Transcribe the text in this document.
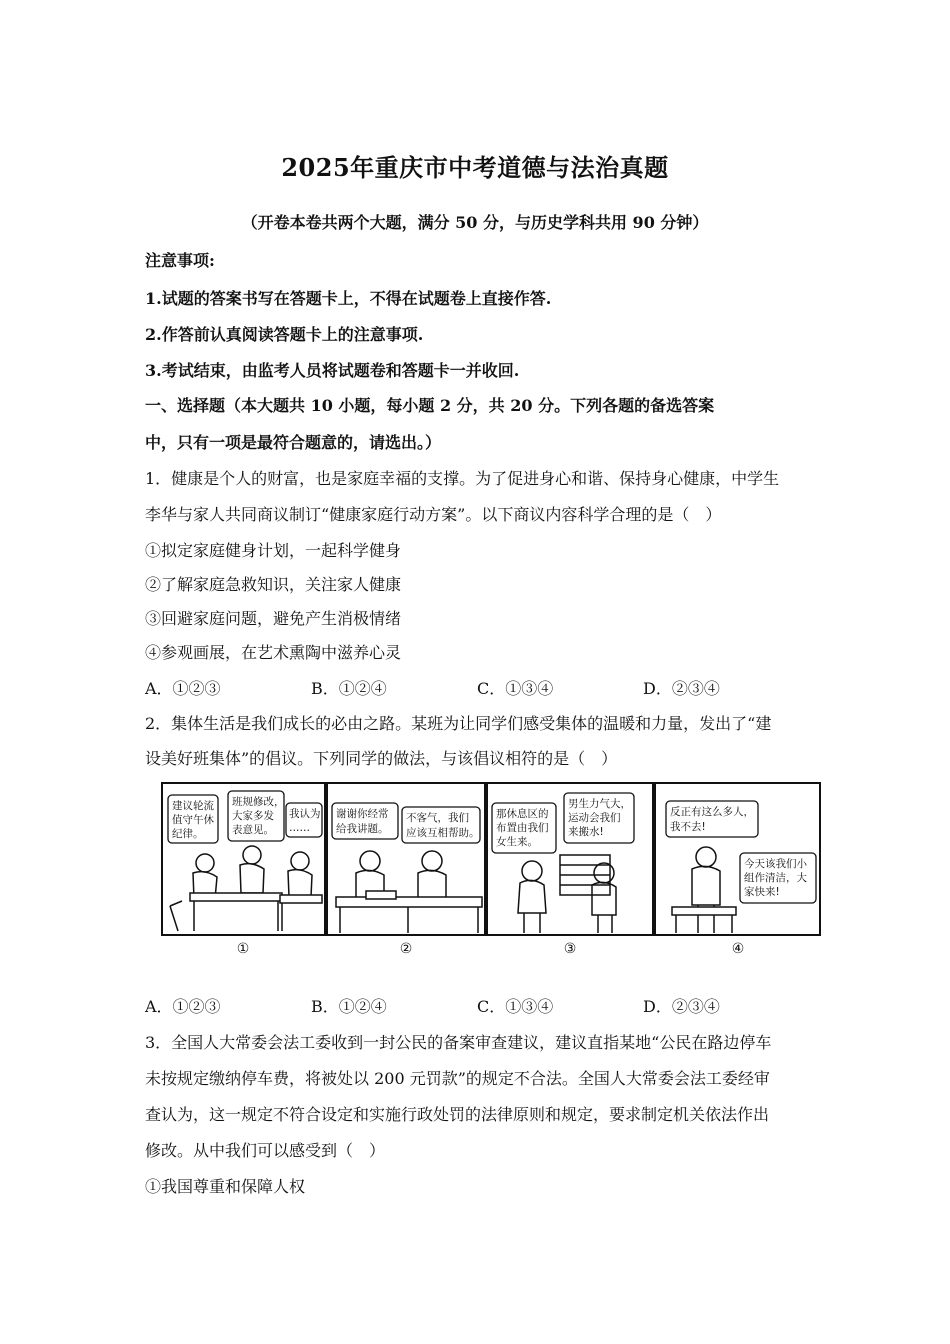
2025年重庆市中考道德与法治真题
（开卷本卷共两个大题，满分 50 分，与历史学科共用 90 分钟）
注意事项:
1.试题的答案书写在答题卡上，不得在试题卷上直接作答.
2.作答前认真阅读答题卡上的注意事项.
3.考试结束，由监考人员将试题卷和答题卡一并收回.
一、选择题（本大题共 10 小题，每小题 2 分，共 20 分。下列各题的备选答案
中，只有一项是最符合题意的，请选出。）
1．健康是个人的财富，也是家庭幸福的支撑。为了促进身心和谐、保持身心健康，中学生
李华与家人共同商议制订“健康家庭行动方案”。以下商议内容科学合理的是（　）
①拟定家庭健身计划，一起科学健身
②了解家庭急救知识，关注家人健康
③回避家庭问题，避免产生消极情绪
④参观画展，在艺术熏陶中滋养心灵
A．①②③	B．①②④	C．①③④	D．②③④
2．集体生活是我们成长的必由之路。某班为让同学们感受集体的温暖和力量，发出了“建
设美好班集体”的倡议。下列同学的做法，与该倡议相符的是（　）
建议轮流
值守午休
纪律。
班规修改，
大家多发
表意见。
我认为
……
谢谢你经常
给我讲题。
不客气，我们
应该互相帮助。
那休息区的
布置由我们
女生来。
男生力气大，
运动会我们
来搬水!
反正有这么多人，
我不去!
今天该我们小
组作清洁，大
家快来!
①	②	③	④
A．①②③	B．①②④	C．①③④	D．②③④
3．全国人大常委会法工委收到一封公民的备案审查建议，建议直指某地“公民在路边停车
未按规定缴纳停车费，将被处以 200 元罚款”的规定不合法。全国人大常委会法工委经审
查认为，这一规定不符合设定和实施行政处罚的法律原则和规定，要求制定机关依法作出
修改。从中我们可以感受到（　）
①我国尊重和保障人权
